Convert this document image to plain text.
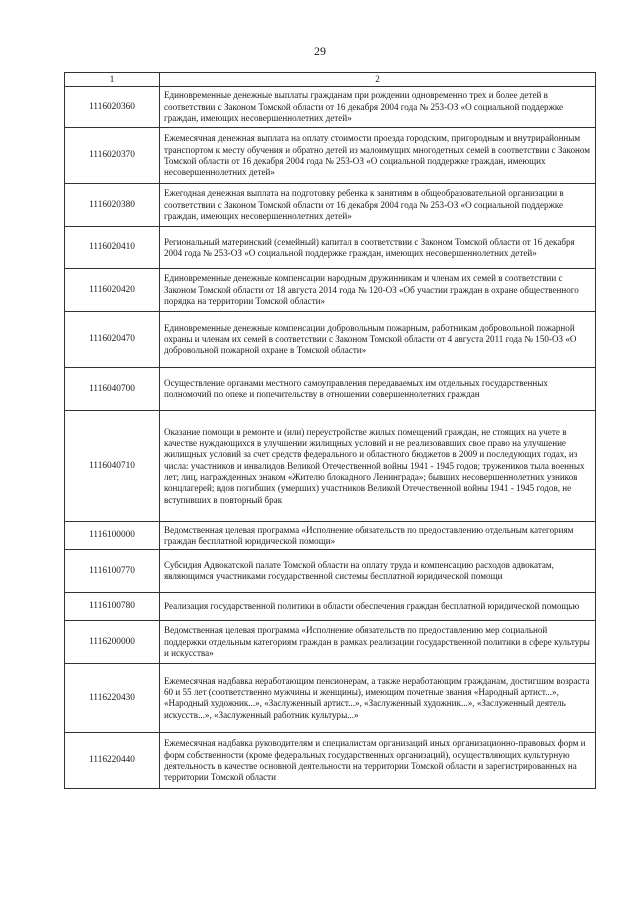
29
1	2
1116020360	Единовременные денежные выплаты гражданам при рождении одновременно трех и более детей в соответствии с Законом Томской области от 16 декабря 2004 года № 253-ОЗ «О социальной поддержке граждан, имеющих несовершеннолетних детей»
1116020370	Ежемесячная денежная выплата на оплату стоимости проезда городским, пригородным и внутрирайонным транспортом к месту обучения и обратно детей из малоимущих многодетных семей в соответствии с Законом Томской области от 16 декабря 2004 года № 253-ОЗ «О социальной поддержке граждан, имеющих несовершеннолетних детей»
1116020380	Ежегодная денежная выплата на подготовку ребенка к занятиям в общеобразовательной организации в соответствии с Законом Томской области от 16 декабря 2004 года № 253-ОЗ «О социальной поддержке граждан, имеющих несовершеннолетних детей»
1116020410	Региональный материнский (семейный) капитал в соответствии с Законом Томской области от 16 декабря 2004 года № 253-ОЗ «О социальной поддержке граждан, имеющих несовершеннолетних детей»
1116020420	Единовременные денежные компенсации народным дружинникам и членам их семей в соответствии с Законом Томской области от 18 августа 2014 года № 120-ОЗ «Об участии граждан в охране общественного порядка на территории Томской области»
1116020470	Единовременные денежные компенсации добровольным пожарным, работникам добровольной пожарной охраны и членам их семей в соответствии с Законом Томской области от 4 августа 2011 года № 150-ОЗ «О добровольной пожарной охране в Томской области»
1116040700	Осуществление органами местного самоуправления передаваемых им отдельных государственных полномочий по опеке и попечительству в отношении совершеннолетних граждан
1116040710	Оказание помощи в ремонте и (или) переустройстве жилых помещений граждан, не стоящих на учете в качестве нуждающихся в улучшении жилищных условий и не реализовавших свое право на улучшение жилищных условий за счет средств федерального и областного бюджетов в 2009 и последующих годах, из числа: участников и инвалидов Великой Отечественной войны 1941 - 1945 годов; тружеников тыла военных лет; лиц, награжденных знаком «Жителю блокадного Ленинграда»; бывших несовершеннолетних узников концлагерей; вдов погибших (умерших) участников Великой Отечественной войны 1941 - 1945 годов, не вступивших в повторный брак
1116100000	Ведомственная целевая программа «Исполнение обязательств по предоставлению отдельным категориям граждан бесплатной юридической помощи»
1116100770	Субсидия Адвокатской палате Томской области на оплату труда и компенсацию расходов адвокатам, являющимся участниками государственной системы бесплатной юридической помощи
1116100780	Реализация государственной политики в области обеспечения граждан бесплатной юридической помощью
1116200000	Ведомственная целевая программа «Исполнение обязательств по предоставлению мер социальной поддержки отдельным категориям граждан в рамках реализации государственной политики в сфере культуры и искусства»
1116220430	Ежемесячная надбавка неработающим пенсионерам, а также неработающим гражданам, достигшим возраста 60 и 55 лет (соответственно мужчины и женщины), имеющим почетные звания «Народный артист...», «Народный художник...», «Заслуженный артист...», «Заслуженный художник...», «Заслуженный деятель искусств...», «Заслуженный работник культуры...»
1116220440	Ежемесячная надбавка руководителям и специалистам организаций иных организационно-правовых форм и форм собственности (кроме федеральных государственных организаций), осуществляющих культурную деятельность в качестве основной деятельности на территории Томской области и зарегистрированных на территории Томской области
